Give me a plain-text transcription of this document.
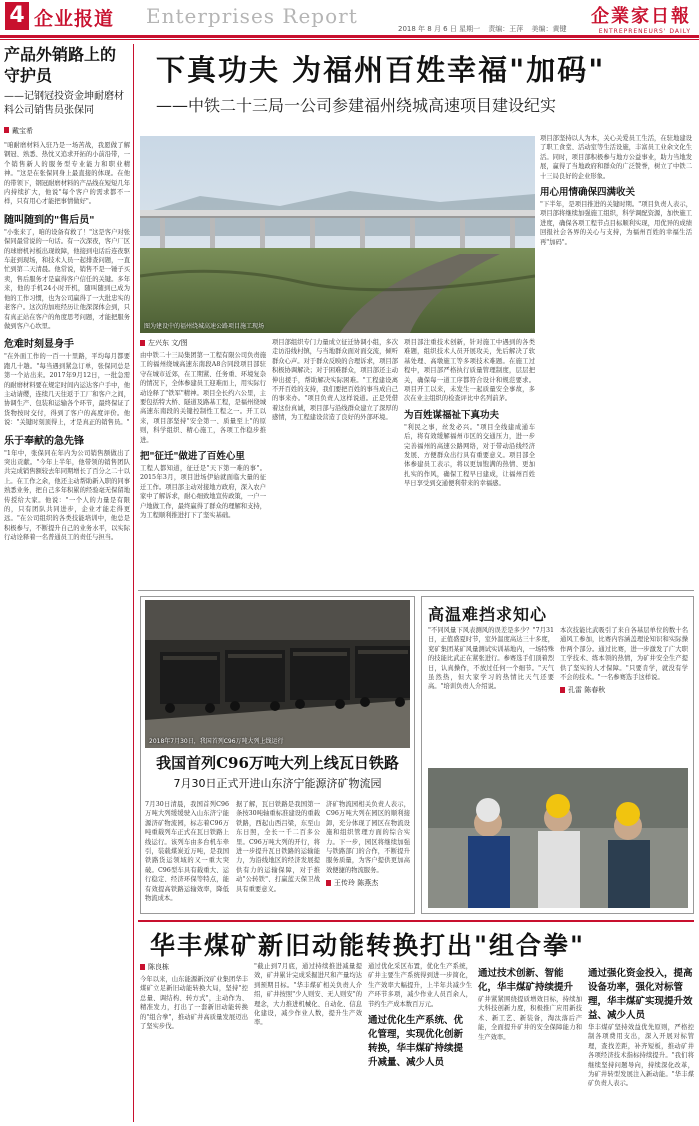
4 企业报道 Enterprises Report	企業家日報
ENTREPRENEURS' DAILY
2018 年 8 月 6 日 星期一 责编：王萍 美编：黄键
产品外销路上的守护员
——记钢冠投资金坤耐磨材料公司销售员张保同
戴宝希

"咱耐磨材料入驻乃是一场苦战，我愿做了解钢冠、熟悉、热忱又追求开拓的小前沿带，一个销售新人的服务型专业能力和职业精神。"这是在张保同身上最直接的体现。在他的带领下，钢冠耐磨材料的产品线在短短几年内持续扩大，他说"每个客户的需求都不一样，只有用心才能把事情做好"。

随叫随到的"售后员"

"小张来了，咱的设备有救了！"这是客户对张保同最常说的一句话。有一次深夜，客户厂区的球磨机衬板出现故障，他接到电话后连夜驱车赶到现场，和技术人员一起排查问题，一直忙到第二天清晨。他常说，销售不是一锤子买卖，售后服务才是赢得客户信任的关键。多年来，他的手机24小时开机，随叫随到已成为他的工作习惯，也为公司赢得了一大批忠实的老客户。这次的加班经历让他深深体会到，只有真正站在客户的角度思考问题，才能把服务做到客户心坎里。

危难时刻显身手

"在外面工作的一百一十里路，平均每月都要跑几十趟。"每当遇到紧急订单，张保同总是第一个站出来。2017年9月12日，一批急需的耐磨材料要在规定时间内运达客户手中，他主动请缨，连续几天往返于工厂和客户之间，协调生产、包装和运输各个环节，最终保证了货物按时交付，得到了客户的高度评价。他说："关键时刻顶得上，才是真正的销售员。"

乐于奉献的急先锋

"1年中，张保同在年内为公司销售额做出了突出贡献。"今年上半年，他带领的销售团队共完成销售额较去年同期增长了百分之二十以上。在工作之余，他还主动帮助新入职的同事熟悉业务，把自己多年积累的经验毫无保留地传授给大家。他说："一个人的力量是有限的，只有团队共同进步，企业才能走得更远。"在公司组织的各类技能培训中，他总是积极参与，不断提升自己的业务水平，以实际行动诠释着一名普通员工的责任与担当。

下真功夫 为福州百姓幸福"加码"
——中铁二十三局一公司参建福州绕城高速项目建设纪实
图为建设中的福州绕城高速公路项目施工现场

项目部坚持以人为本，关心关爱员工生活，在驻地建设了职工食堂、活动室等生活设施，丰富员工业余文化生活。同时，项目部积极参与地方公益事业，助力当地发展，赢得了当地政府和群众的广泛赞誉，树立了中铁二十三局良好的企业形象。

用心用情确保四满收关

"下半年，是项目推进的关键时期。"项目负责人表示，项目部将继续加强施工组织，科学调配资源，加快施工进度，确保各项工程节点目标顺利实现，用优异的成绩回报社会各界的关心与支持，为福州百姓的幸福生活再"加码"。

左兴东 文/图

由中铁二十三局集团第一工程有限公司负责施工的福州绕城高速东南段A8合同段项目部驻守在城市近郊，在工期紧、任务重、环境复杂的情况下，全体参建员工迎难而上，用实际行动诠释了"铁军"精神。项目全长约六公里，主要包括特大桥、隧道及路基工程，是福州绕城高速东南段的关键控制性工程之一。开工以来，项目部坚持"安全第一、质量至上"的原则，科学组织、精心施工，各项工作稳步推进。

把"征迁"做进了百姓心里

工程人都知道，征迁是"天下第一难的事"。2015年3月，项目进场伊始就面临大量的征迁工作。项目部主动对接地方政府，深入农户家中了解诉求，耐心细致地宣传政策，一户一户地做工作，最终赢得了群众的理解和支持，为工程顺利推进打下了坚实基础。

项目部组织专门力量成立征迁协调小组，多次走访沿线村镇，与当地群众面对面交流，倾听群众心声。对于群众反映的合理诉求，项目部积极协调解决；对于困难群众，项目部还主动伸出援手，帮助解决实际困难。"工程建设离不开百姓的支持，我们要把百姓的事当成自己的事来办。"项目负责人这样说道。正是凭借着这份真诚，项目部与沿线群众建立了深厚的感情，为工程建设营造了良好的外部环境。

项目部注重技术创新，针对施工中遇到的各类难题，组织技术人员开展攻关，先后解决了软基处理、高墩施工等多项技术难题。在施工过程中，项目部严格执行质量管理制度，层层把关，确保每一道工序都符合设计和规范要求。项目开工以来，未发生一起质量安全事故，多次在业主组织的检查评比中名列前茅。

为百姓谋福祉下真功夫

"利民之事，丝发必兴。"项目全线建成通车后，将有效缓解福州市区的交通压力，进一步完善福州的高速公路网络，对于带动沿线经济发展、方便群众出行具有重要意义。项目部全体参建员工表示，将以更加饱满的热情、更加扎实的作风，确保工程早日建成，让福州百姓早日享受到交通便利带来的幸福感。

2018年7月30日，我国首列C96万吨大列上线运行
我国首列C96万吨大列上线瓦日铁路
7月30日正式开进山东济宁能源济矿物流园

7月30日清晨，我国首列C96万吨大列缓缓驶入山东济宁能源济矿物流园，标志着C96万吨重载列车正式在瓦日铁路上线运行。该列车由多台机车牵引，装载煤炭近万吨，是我国铁路货运领域的又一重大突破。C96型车具有载重大、运行稳定、经济环保等特点，能有效提高铁路运输效率，降低物流成本。

据了解，瓦日铁路是我国第一条按30吨轴重标准建设的重载铁路，西起山西吕梁，东至山东日照，全长一千二百多公里。C96万吨大列的开行，将进一步提升瓦日铁路的运输能力，为沿线地区的经济发展提供有力的运输保障，对于推动"公转铁"、打赢蓝天保卫战具有重要意义。

济矿物流园相关负责人表示，C96万吨大列在园区的顺利接卸，充分体现了园区在物流设施和组织管理方面的综合实力。下一步，园区将继续加强与铁路部门的合作，不断提升服务质量，为客户提供更加高效便捷的物流服务。

王传玲 陈燕杰
高温难挡求知心

"不同风量下风表测风的误差是多少？"7月31日，正值盛夏时节，室外温度高达三十多度，兖矿集团某矿风量测试实训基地内，一场特殊的技能比武正在紧张进行。参赛选手们顶着烈日，认真操作，不放过任何一个细节。"天气虽然热，但大家学习的热情比天气还要高。"培训负责人介绍说。

本次技能比武吸引了来自各基层单位的数十名通风工参加，比赛内容涵盖理论知识和实际操作两个部分。通过比赛，进一步激发了广大职工学技术、练本领的热情，为矿井安全生产提供了坚实的人才保障。"只要肯学，就没有学不会的技术。"一名参赛选手这样说。

孔雷 陈春秋
华丰煤矿新旧动能转换打出"组合拳"
陈良栋

今年以来，山东能源新汶矿业集团华丰煤矿立足新旧动能转换大局，坚持"控总量、调结构、转方式"，主动作为、精准发力，打出了一套新旧动能转换的"组合拳"，推动矿井高质量发展迈出了坚实步伐。

"截止到7月底，通过持续推进减量提效，矿井累计完成采掘进尺和产量均达到预期目标。"华丰煤矿相关负责人介绍，矿井按照"少人则安、无人则安"的理念，大力推进机械化、自动化、信息化建设，减少作业人数，提升生产效率。

通过优化采区布置，优化生产系统，矿井主要生产系统得到进一步简化，生产效率大幅提升，上半年共减少生产环节多项，减少作业人员百余人，节约生产成本数百万元。

通过优化生产系统、优化管理，实现优化创新转换，华丰煤矿持续提升减量、减少人员
通过技术创新、智能化，华丰煤矿持续提升

矿井紧紧围绕提质增效目标，持续加大科技创新力度，积极推广应用新技术、新工艺、新装备，淘汰落后产能，全面提升矿井的安全保障能力和生产效率。

通过强化资金投入，提高设备功率，强化对标管理，华丰煤矿实现提升效益、减少人员

华丰煤矿坚持效益优先原则，严格控制各项费用支出，深入开展对标管理，查找差距，补齐短板，推动矿井各项经济技术指标持续提升。"我们将继续坚持问题导向，持续深化改革，为矿井转型发展注入新动能。"华丰煤矿负责人表示。
